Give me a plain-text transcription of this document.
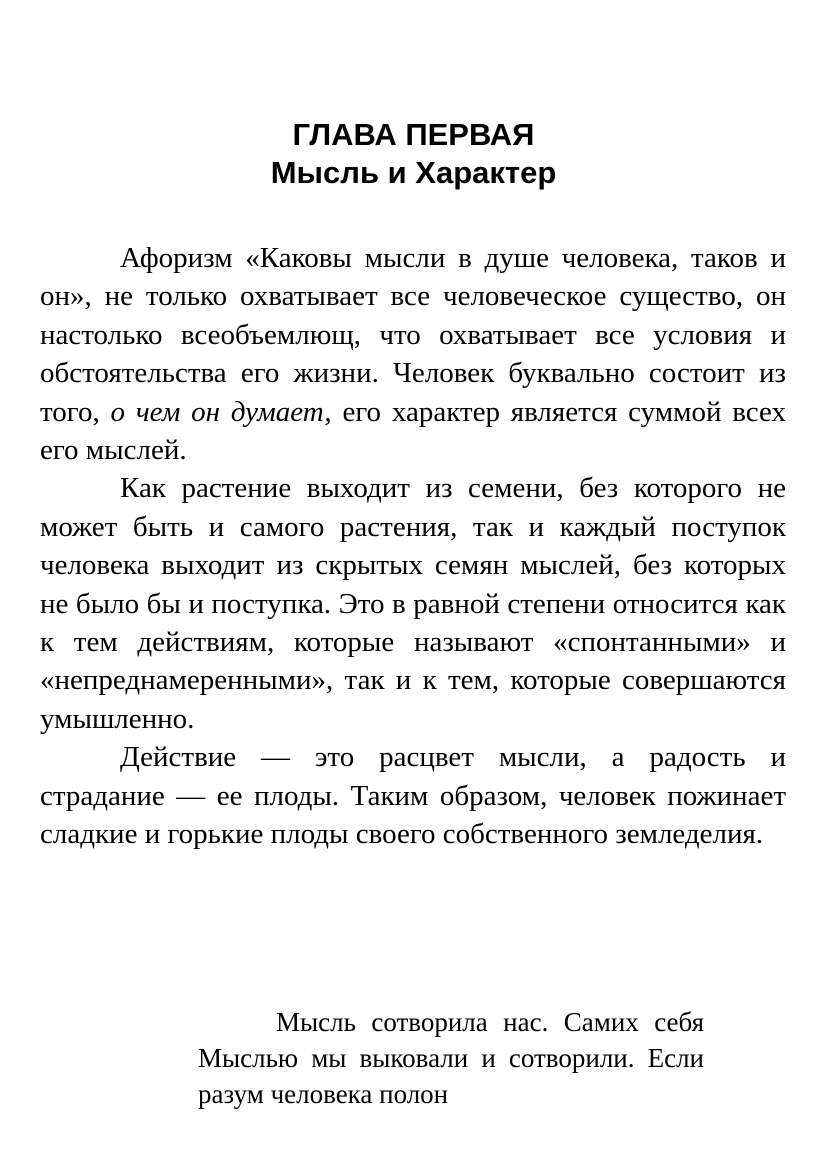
ГЛАВА ПЕРВАЯ
Мысль и Характер

Афоризм «Каковы мысли в душе человека, таков и он», не только охватывает все человеческое существо, он настолько всеобъемлющ, что охватывает все условия и обстоятельства его жизни. Человек буквально состоит из того, о чем он думает, его характер является суммой всех его мыслей.

Как растение выходит из семени, без которого не может быть и самого растения, так и каждый поступок человека выходит из скрытых семян мыслей, без которых не было бы и поступка. Это в равной степени относится как к тем действиям, которые называют «спонтанными» и «непреднамеренными», так и к тем, которые совершаются умышленно.

Действие — это расцвет мысли, а радость и страдание — ее плоды. Таким образом, человек пожинает сладкие и горькие плоды своего собственного земледелия.

Мысль сотворила нас. Самих себя Мыслью мы выковали и сотворили. Если разум человека полон
